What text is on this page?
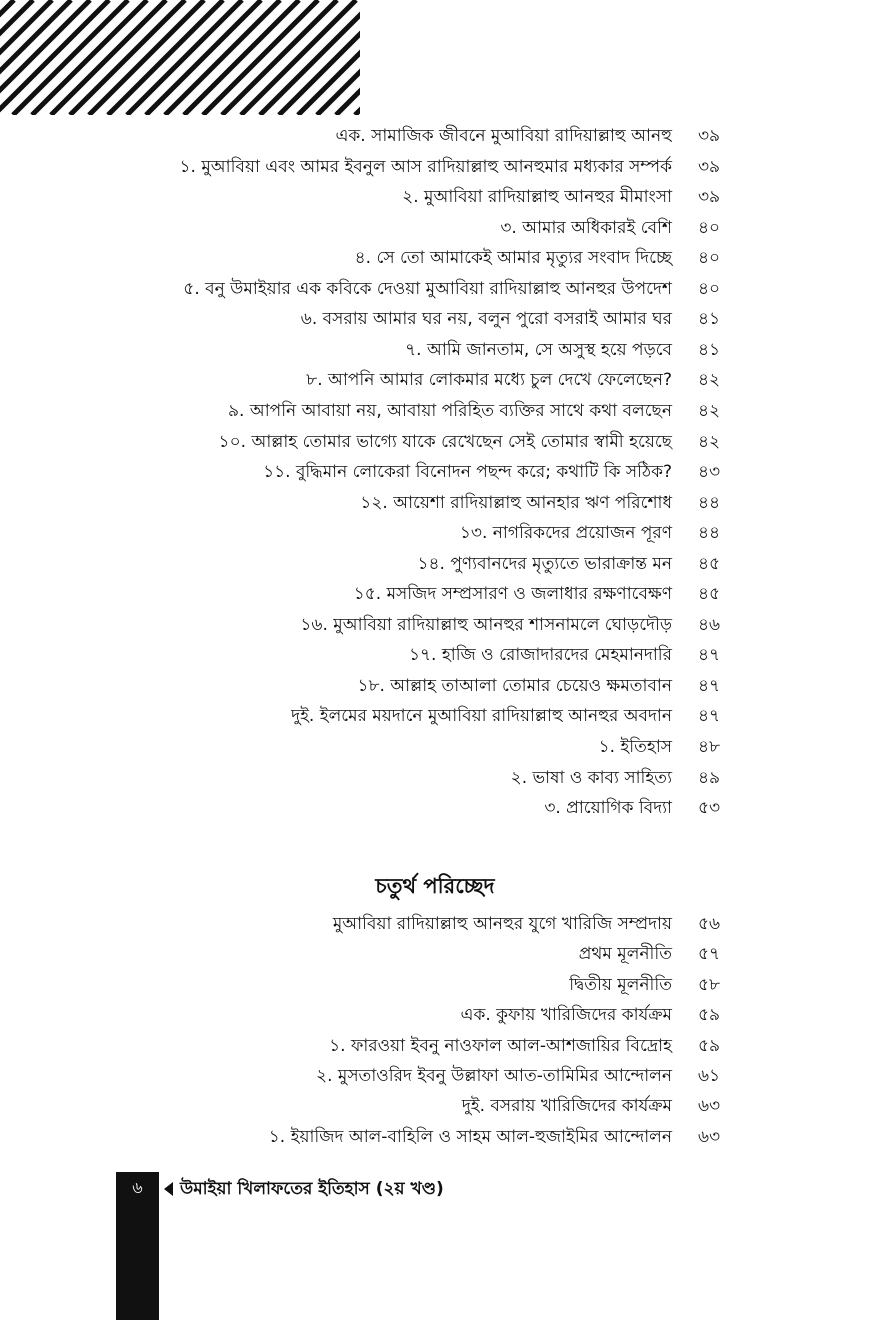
এক. সামাজিক জীবনে মুআবিয়া রাদিয়াল্লাহু আনহু ৩৯
১. মুআবিয়া এবং আমর ইবনুল আস রাদিয়াল্লাহু আনহুমার মধ্যকার সম্পর্ক ৩৯
২. মুআবিয়া রাদিয়াল্লাহু আনহুর মীমাংসা ৩৯
৩. আমার অধিকারই বেশি ৪০
৪. সে তো আমাকেই আমার মৃত্যুর সংবাদ দিচ্ছে ৪০
৫. বনু উমাইয়ার এক কবিকে দেওয়া মুআবিয়া রাদিয়াল্লাহু আনহুর উপদেশ ৪০
৬. বসরায় আমার ঘর নয়, বলুন পুরো বসরাই আমার ঘর ৪১
৭. আমি জানতাম, সে অসুস্থ হয়ে পড়বে ৪১
৮. আপনি আমার লোকমার মধ্যে চুল দেখে ফেলেছেন? ৪২
৯. আপনি আবায়া নয়, আবায়া পরিহিত ব্যক্তির সাথে কথা বলছেন ৪২
১০. আল্লাহ তোমার ভাগ্যে যাকে রেখেছেন সেই তোমার স্বামী হয়েছে ৪২
১১. বুদ্ধিমান লোকেরা বিনোদন পছন্দ করে; কথাটি কি সঠিক? ৪৩
১২. আয়েশা রাদিয়াল্লাহু আনহার ঋণ পরিশোধ ৪৪
১৩. নাগরিকদের প্রয়োজন পূরণ ৪৪
১৪. পুণ্যবানদের মৃত্যুতে ভারাক্রান্ত মন ৪৫
১৫. মসজিদ সম্প্রসারণ ও জলাধার রক্ষণাবেক্ষণ ৪৫
১৬. মুআবিয়া রাদিয়াল্লাহু আনহুর শাসনামলে ঘোড়দৌড় ৪৬
১৭. হাজি ও রোজাদারদের মেহমানদারি ৪৭
১৮. আল্লাহ তাআলা তোমার চেয়েও ক্ষমতাবান ৪৭
দুই. ইলমের ময়দানে মুআবিয়া রাদিয়াল্লাহু আনহুর অবদান ৪৭
১. ইতিহাস ৪৮
২. ভাষা ও কাব্য সাহিত্য ৪৯
৩. প্রায়োগিক বিদ্যা ৫৩
চতুর্থ পরিচ্ছেদ
মুআবিয়া রাদিয়াল্লাহু আনহুর যুগে খারিজি সম্প্রদায় ৫৬
প্রথম মূলনীতি ৫৭
দ্বিতীয় মূলনীতি ৫৮
এক. কুফায় খারিজিদের কার্যক্রম ৫৯
১. ফারওয়া ইবনু নাওফাল আল-আশজায়ির বিদ্রোহ ৫৯
২. মুসতাওরিদ ইবনু উল্লাফা আত-তামিমির আন্দোলন ৬১
দুই. বসরায় খারিজিদের কার্যক্রম ৬৩
১. ইয়াজিদ আল-বাহিলি ও সাহম আল-হুজাইমির আন্দোলন ৬৩
৬	উমাইয়া খিলাফতের ইতিহাস (২য় খণ্ড)
